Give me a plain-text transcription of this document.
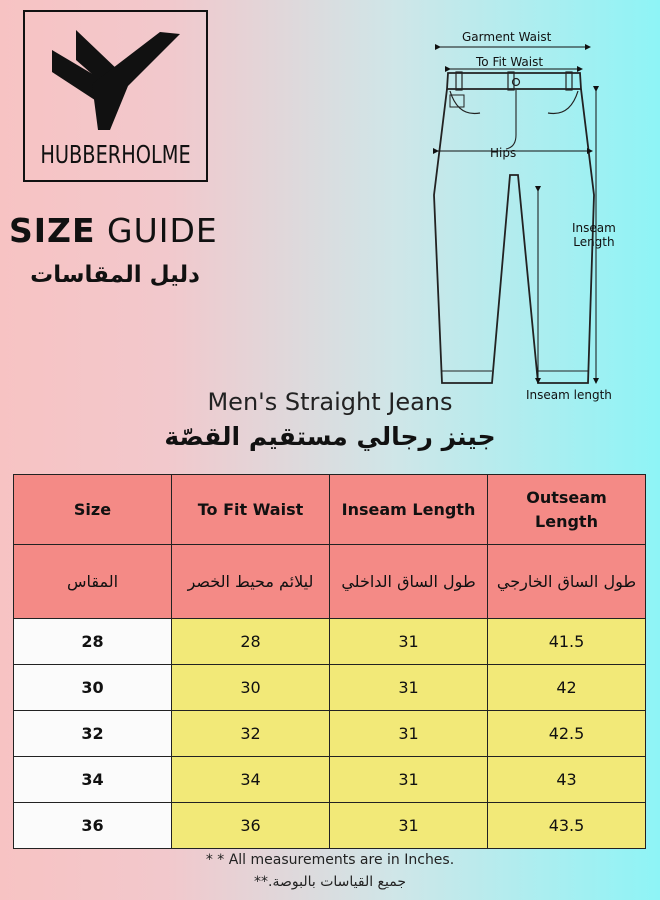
HUBBERHOLME
SIZE GUIDE
دليل المقاسات
Garment Waist
To Fit Waist
Hips
Inseam
Length
Inseam length
Men's Straight Jeans
جينز رجالي مستقيم القصّة
Size	To Fit Waist	Inseam Length	Outseam Length
المقاس	ليلائم محيط الخصر	طول الساق الداخلي	طول الساق الخارجي
28	28	31	41.5
30	30	31	42
32	32	31	42.5
34	34	31	43
36	36	31	43.5
* * All measurements are in Inches.
جميع القياسات بالبوصة.**
